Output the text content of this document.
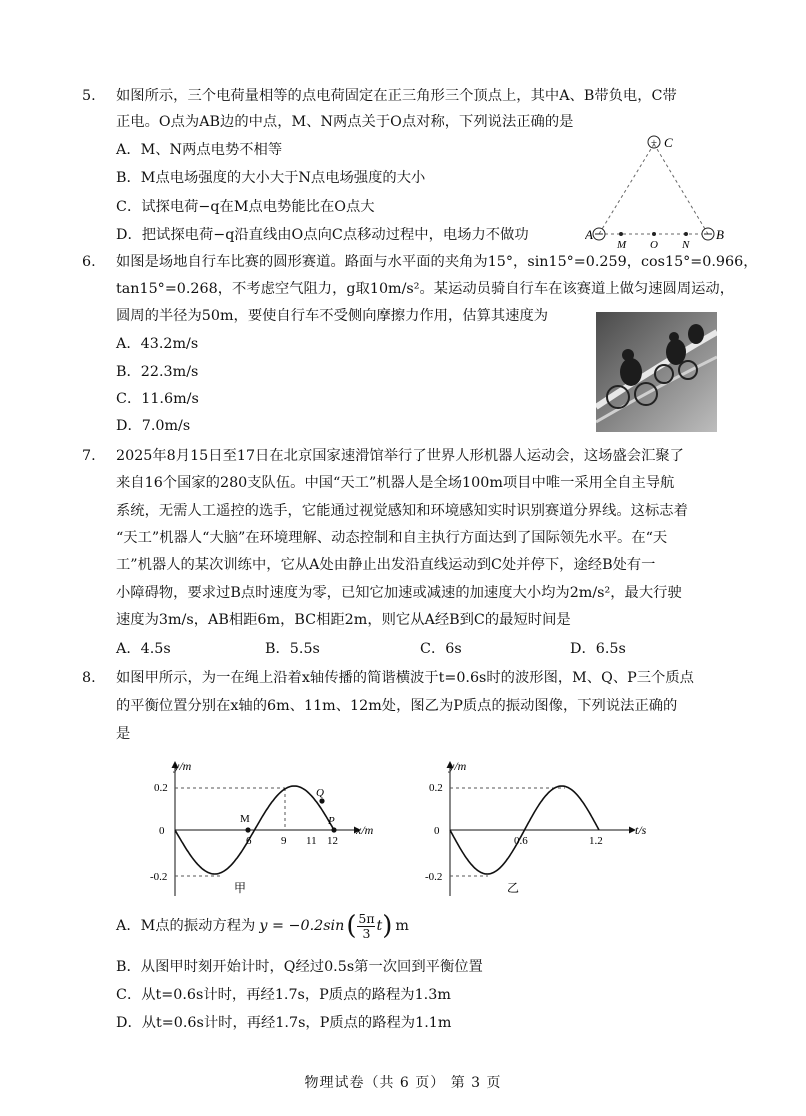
5. 如图所示，三个电荷量相等的点电荷固定在正三角形三个顶点上，其中A、B带负电，C带
正电。O点为AB边的中点，M、N两点关于O点对称，下列说法正确的是
A．M、N两点电势不相等
B．M点电场强度的大小大于N点电场强度的大小
C．试探电荷−q在M点电势能比在O点大
D．把试探电荷−q沿直线由O点向C点移动过程中，电场力不做功
+ C
A	B
M O N
6. 如图是场地自行车比赛的圆形赛道。路面与水平面的夹角为15°，sin15°=0.259，cos15°=0.966，
tan15°=0.268，不考虑空气阻力，g取10m/s²。某运动员骑自行车在该赛道上做匀速圆周运动，
圆周的半径为50m，要使自行车不受侧向摩擦力作用，估算其速度为
A．43.2m/s
B．22.3m/s
C．11.6m/s
D．7.0m/s
7. 2025年8月15日至17日在北京国家速滑馆举行了世界人形机器人运动会，这场盛会汇聚了
来自16个国家的280支队伍。中国“天工”机器人是全场100m项目中唯一采用全自主导航
系统，无需人工遥控的选手，它能通过视觉感知和环境感知实时识别赛道分界线。这标志着
“天工”机器人“大脑”在环境理解、动态控制和自主执行方面达到了国际领先水平。在“天
工”机器人的某次训练中，它从A处由静止出发沿直线运动到C处并停下，途经B处有一
小障碍物，要求过B点时速度为零，已知它加速或减速的加速度大小均为2m/s²，最大行驶
速度为3m/s，AB相距6m，BC相距2m，则它从A经B到C的最短时间是
A．4.5s	B．5.5s	C．6s	D．6.5s
8. 如图甲所示，为一在绳上沿着x轴传播的简谐横波于t=0.6s时的波形图，M、Q、P三个质点
的平衡位置分别在x轴的6m、11m、12m处，图乙为P质点的振动图像，下列说法正确的
是
y/m
x/m
0.2
0
-0.2
6	9 11 12
M
Q
P
甲
y/m
t/s
0.2
0
-0.2
0.6	1.2
乙
A．M点的振动方程为 y = −0.2sin ( $\frac{5\pi}{3}$ t ) m
B．从图甲时刻开始计时，Q经过0.5s第一次回到平衡位置
C．从t=0.6s计时，再经1.7s，P质点的路程为1.3m
D．从t=0.6s计时，再经1.7s，P质点的路程为1.1m
物理试卷（共 6 页） 第 3 页
